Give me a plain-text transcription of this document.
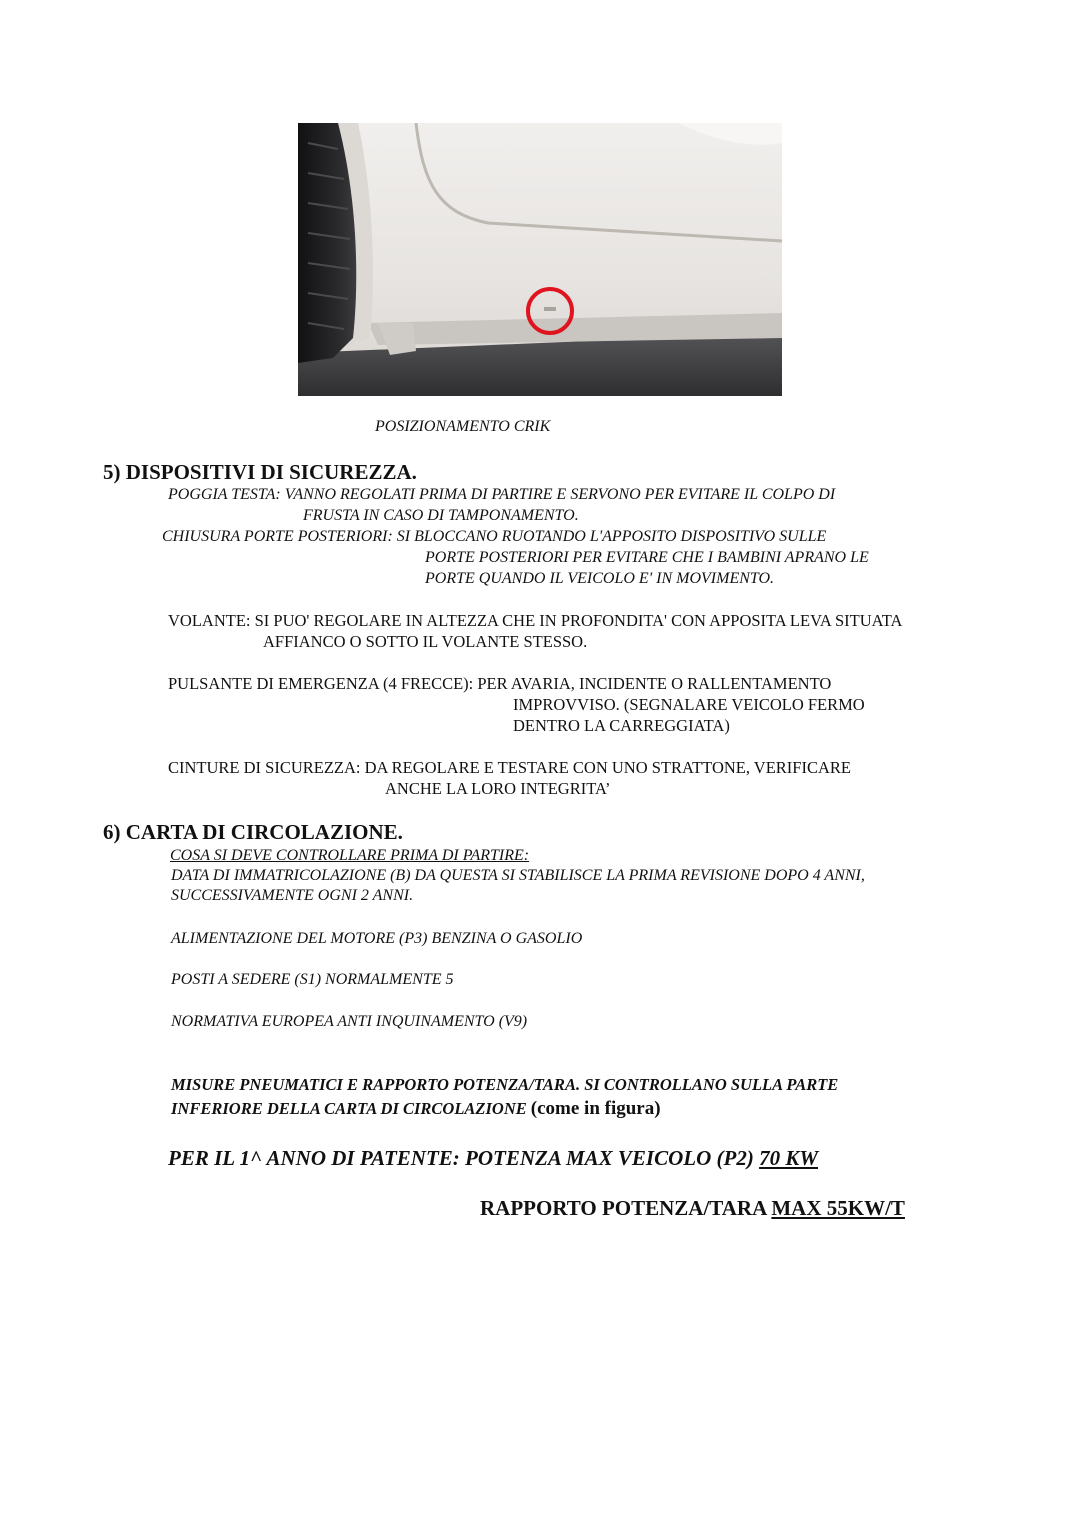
POSIZIONAMENTO CRIK
5) DISPOSITIVI DI SICUREZZA.
POGGIA TESTA: VANNO REGOLATI PRIMA DI PARTIRE E SERVONO PER EVITARE IL COLPO DI
FRUSTA IN CASO DI TAMPONAMENTO.
CHIUSURA PORTE POSTERIORI: SI BLOCCANO RUOTANDO L'APPOSITO DISPOSITIVO SULLE
PORTE POSTERIORI PER EVITARE CHE I BAMBINI APRANO LE
PORTE QUANDO IL VEICOLO E' IN MOVIMENTO.
VOLANTE: SI PUO' REGOLARE IN ALTEZZA CHE IN PROFONDITA' CON APPOSITA LEVA SITUATA
AFFIANCO O SOTTO IL VOLANTE STESSO.
PULSANTE DI EMERGENZA (4 FRECCE): PER AVARIA, INCIDENTE O RALLENTAMENTO
IMPROVVISO. (SEGNALARE VEICOLO FERMO
DENTRO LA CARREGGIATA)
CINTURE DI SICUREZZA: DA REGOLARE E TESTARE CON UNO STRATTONE, VERIFICARE
ANCHE LA LORO INTEGRITA’
6) CARTA DI CIRCOLAZIONE.
COSA SI DEVE CONTROLLARE PRIMA DI PARTIRE:
DATA DI IMMATRICOLAZIONE (B) DA QUESTA SI STABILISCE LA PRIMA REVISIONE DOPO 4 ANNI,
SUCCESSIVAMENTE OGNI 2 ANNI.
ALIMENTAZIONE DEL MOTORE (P3) BENZINA O GASOLIO
POSTI A SEDERE (S1) NORMALMENTE 5
NORMATIVA EUROPEA ANTI INQUINAMENTO (V9)
MISURE PNEUMATICI E RAPPORTO POTENZA/TARA. SI CONTROLLANO SULLA PARTE
INFERIORE DELLA CARTA DI CIRCOLAZIONE (come in figura)
PER IL 1^ ANNO DI PATENTE: POTENZA MAX VEICOLO (P2) 70 KW
RAPPORTO POTENZA/TARA MAX 55KW/T
